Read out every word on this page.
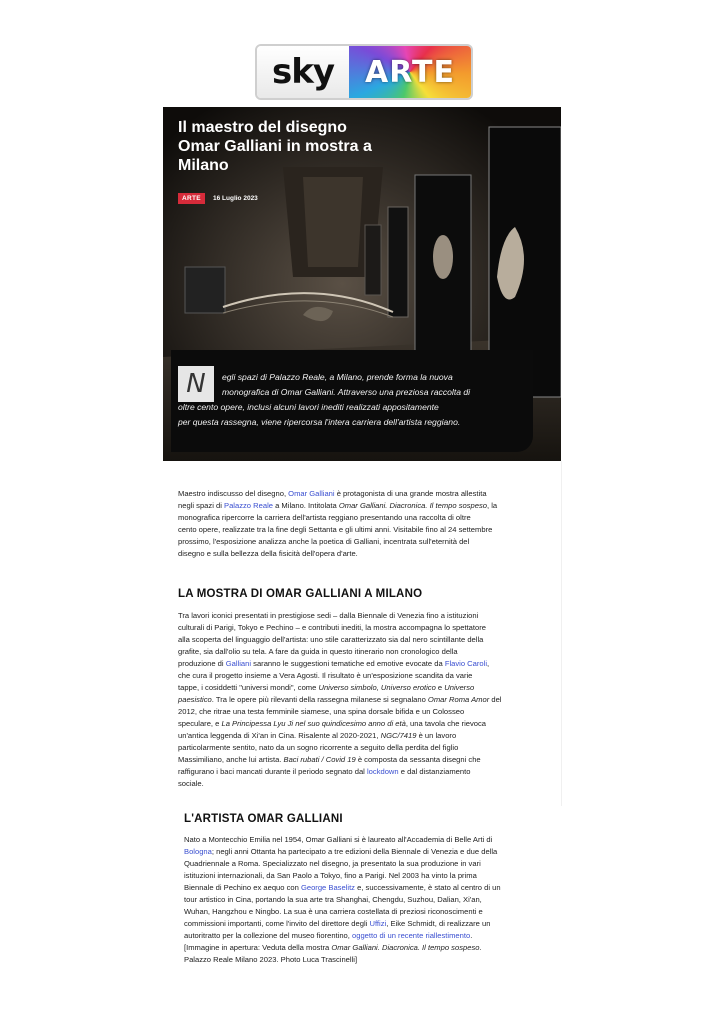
sky	ARTE
Il maestro del disegno
Omar Galliani in mostra a
Milano
ARTE	16 Luglio 2023
N	egli spazi di Palazzo Reale, a Milano, prende forma la nuova
monografica di Omar Galliani. Attraverso una preziosa raccolta di
oltre cento opere, inclusi alcuni lavori inediti realizzati appositamente
per questa rassegna, viene ripercorsa l'intera carriera dell'artista reggiano.
Maestro indiscusso del disegno, Omar Galliani è protagonista di una grande mostra allestita
negli spazi di Palazzo Reale a Milano. Intitolata Omar Galliani. Diacronica. Il tempo sospeso, la
monografica ripercorre la carriera dell'artista reggiano presentando una raccolta di oltre
cento opere, realizzate tra la fine degli Settanta e gli ultimi anni. Visitabile fino al 24 settembre
prossimo, l'esposizione analizza anche la poetica di Galliani, incentrata sull'eternità del
disegno e sulla bellezza della fisicità dell'opera d'arte.
LA MOSTRA DI OMAR GALLIANI A MILANO
Tra lavori iconici presentati in prestigiose sedi – dalla Biennale di Venezia fino a istituzioni
culturali di Parigi, Tokyo e Pechino – e contributi inediti, la mostra accompagna lo spettatore
alla scoperta del linguaggio dell'artista: uno stile caratterizzato sia dal nero scintillante della
grafite, sia dall'olio su tela. A fare da guida in questo itinerario non cronologico della
produzione di Galliani saranno le suggestioni tematiche ed emotive evocate da Flavio Caroli,
che cura il progetto insieme a Vera Agosti. Il risultato è un'esposizione scandita da varie
tappe, i cosiddetti "universi mondi", come Universo simbolo, Universo erotico e Universo
paesistico. Tra le opere più rilevanti della rassegna milanese si segnalano Omar Roma Amor del
2012, che ritrae una testa femminile siamese, una spina dorsale bifida e un Colosseo
speculare, e La Principessa Lyu Ji nel suo quindicesimo anno di età, una tavola che rievoca
un'antica leggenda di Xi'an in Cina. Risalente al 2020-2021, NGC/7419 è un lavoro
particolarmente sentito, nato da un sogno ricorrente a seguito della perdita del figlio
Massimiliano, anche lui artista. Baci rubati / Covid 19 è composta da sessanta disegni che
raffigurano i baci mancati durante il periodo segnato dal lockdown e dal distanziamento
sociale.
L'ARTISTA OMAR GALLIANI
Nato a Montecchio Emilia nel 1954, Omar Galliani si è laureato all'Accademia di Belle Arti di
Bologna; negli anni Ottanta ha partecipato a tre edizioni della Biennale di Venezia e due della
Quadriennale a Roma. Specializzato nel disegno, ja presentato la sua produzione in vari
istituzioni internazionali, da San Paolo a Tokyo, fino a Parigi. Nel 2003 ha vinto la prima
Biennale di Pechino ex aequo con George Baselitz e, successivamente, è stato al centro di un
tour artistico in Cina, portando la sua arte tra Shanghai, Chengdu, Suzhou, Dalian, Xi'an,
Wuhan, Hangzhou e Ningbo. La sua è una carriera costellata di preziosi riconoscimenti e
commissioni importanti, come l'invito del direttore degli Uffizi, Eike Schmidt, di realizzare un
autoritratto per la collezione del museo fiorentino, oggetto di un recente riallestimento.
[Immagine in apertura: Veduta della mostra Omar Galliani. Diacronica. Il tempo sospeso.
Palazzo Reale Milano 2023. Photo Luca Trascinelli]
